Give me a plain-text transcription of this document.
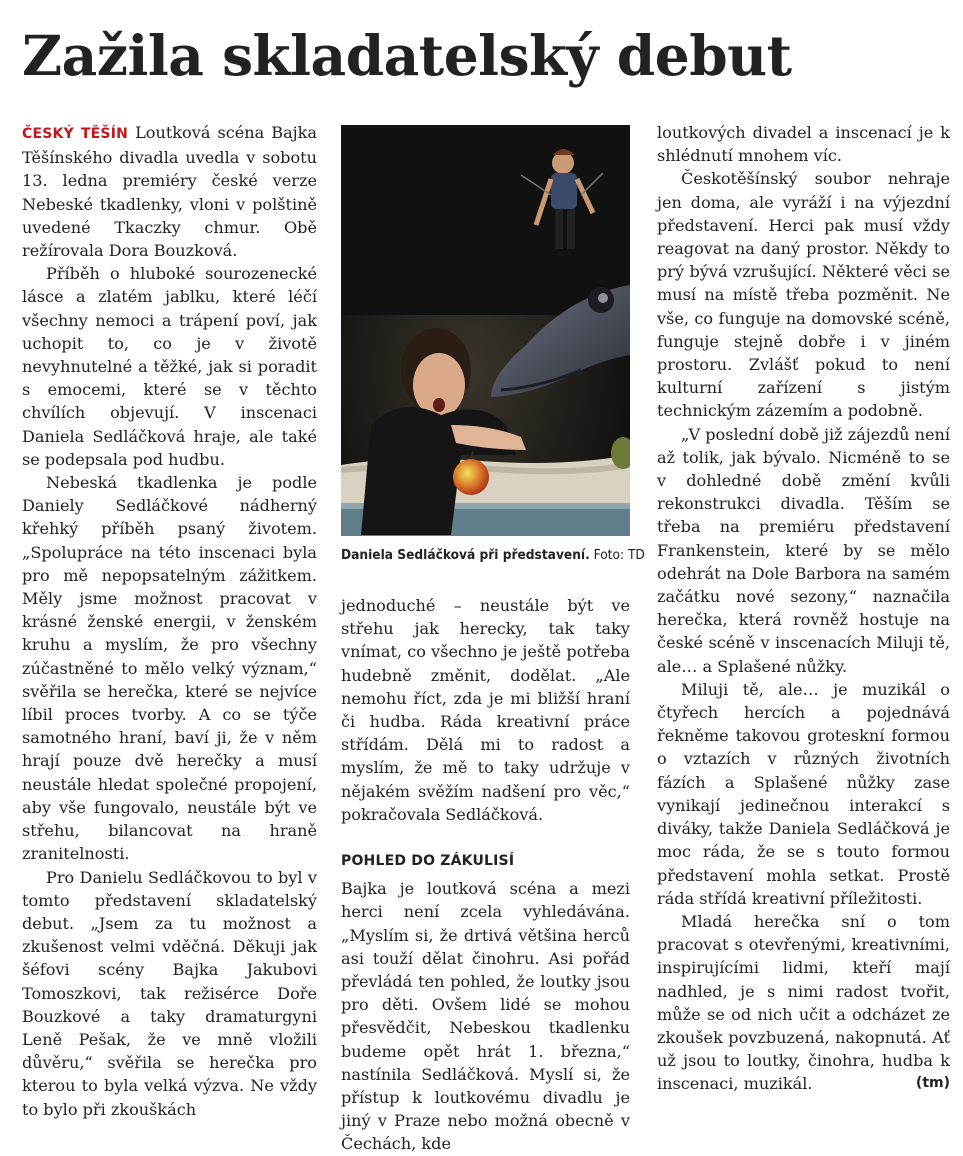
Zažila skladatelský debut

ČESKÝ TĚŠÍN Loutková scéna Bajka Těšínského divadla uvedla v sobotu 13. ledna premiéry české verze Nebeské tkadlenky, vloni v polštině uvedené Tkaczky chmur. Obě režírovala Dora Bouzková.

Příběh o hluboké sourozenecké lásce a zlatém jablku, které léčí všechny nemoci a trápení poví, jak uchopit to, co je v životě nevyhnutelné a těžké, jak si poradit s emocemi, které se v těchto chvílích objevují. V inscenaci Daniela Sedláčková hraje, ale také se podepsala pod hudbu.

Nebeská tkadlenka je podle Daniely Sedláčkové nádherný křehký příběh psaný životem. „Spolupráce na této inscenaci byla pro mě nepopsatelným zážitkem. Měly jsme možnost pracovat v krásné ženské energii, v ženském kruhu a myslím, že pro všechny zúčastněné to mělo velký význam,“ svěřila se herečka, které se nejvíce líbil proces tvorby. A co se týče samotného hraní, baví ji, že v něm hrají pouze dvě herečky a musí neustále hledat společné propojení, aby vše fungovalo, neustále být ve střehu, bilancovat na hraně zranitelnosti.

Pro Danielu Sedláčkovou to byl v tomto představení skladatelský debut. „Jsem za tu možnost a zkušenost velmi vděčná. Děkuji jak šéfovi scény Bajka Jakubovi Tomoszkovi, tak režisérce Doře Bouzkové a taky dramaturgyni Leně Pešak, že ve mně vložili důvěru,“ svěřila se herečka pro kterou to byla velká výzva. Ne vždy to bylo při zkouškách

Daniela Sedláčková při představení. Foto: TD

jednoduché – neustále být ve střehu jak herecky, tak taky vnímat, co všechno je ještě potřeba hudebně změnit, dodělat. „Ale nemohu říct, zda je mi bližší hraní či hudba. Ráda kreativní práce střídám. Dělá mi to radost a myslím, že mě to taky udržuje v nějakém svěžím nadšení pro věc,“ pokračovala Sedláčková.

POHLED DO ZÁKULISÍ

Bajka je loutková scéna a mezi herci není zcela vyhledávána. „Myslím si, že drtivá většina herců asi touží dělat činohru. Asi pořád převládá ten pohled, že loutky jsou pro děti. Ovšem lidé se mohou přesvědčit, Nebeskou tkadlenku budeme opět hrát 1. března,“ nastínila Sedláčková. Myslí si, že přístup k loutkovému divadlu je jiný v Praze nebo možná obecně v Čechách, kde

loutkových divadel a inscenací je k shlédnutí mnohem víc.

Českotěšínský soubor nehraje jen doma, ale vyráží i na výjezdní představení. Herci pak musí vždy reagovat na daný prostor. Někdy to prý bývá vzrušující. Některé věci se musí na místě třeba pozměnit. Ne vše, co funguje na domovské scéně, funguje stejně dobře i v jiném prostoru. Zvlášť pokud to není kulturní zařízení s jistým technickým zázemím a podobně.

„V poslední době již zájezdů není až tolik, jak bývalo. Nicméně to se v dohledné době změní kvůli rekonstrukci divadla. Těším se třeba na premiéru představení Frankenstein, které by se mělo odehrát na Dole Barbora na samém začátku nové sezony,“ naznačila herečka, která rovněž hostuje na české scéně v inscenacích Miluji tě, ale… a Splašené nůžky.

Miluji tě, ale… je muzikál o čtyřech hercích a pojednává řekněme takovou groteskní formou o vztazích v různých životních fázích a Splašené nůžky zase vynikají jedinečnou interakcí s diváky, takže Daniela Sedláčková je moc ráda, že se s touto formou představení mohla setkat. Prostě ráda střídá kreativní příležitosti.

Mladá herečka sní o tom pracovat s otevřenými, kreativními, inspirujícími lidmi, kteří mají nadhled, je s nimi radost tvořit, může se od nich učit a odcházet ze zkoušek povzbuzená, nakopnutá. Ať už jsou to loutky, činohra, hudba k inscenaci, muzikál.	(tm)
